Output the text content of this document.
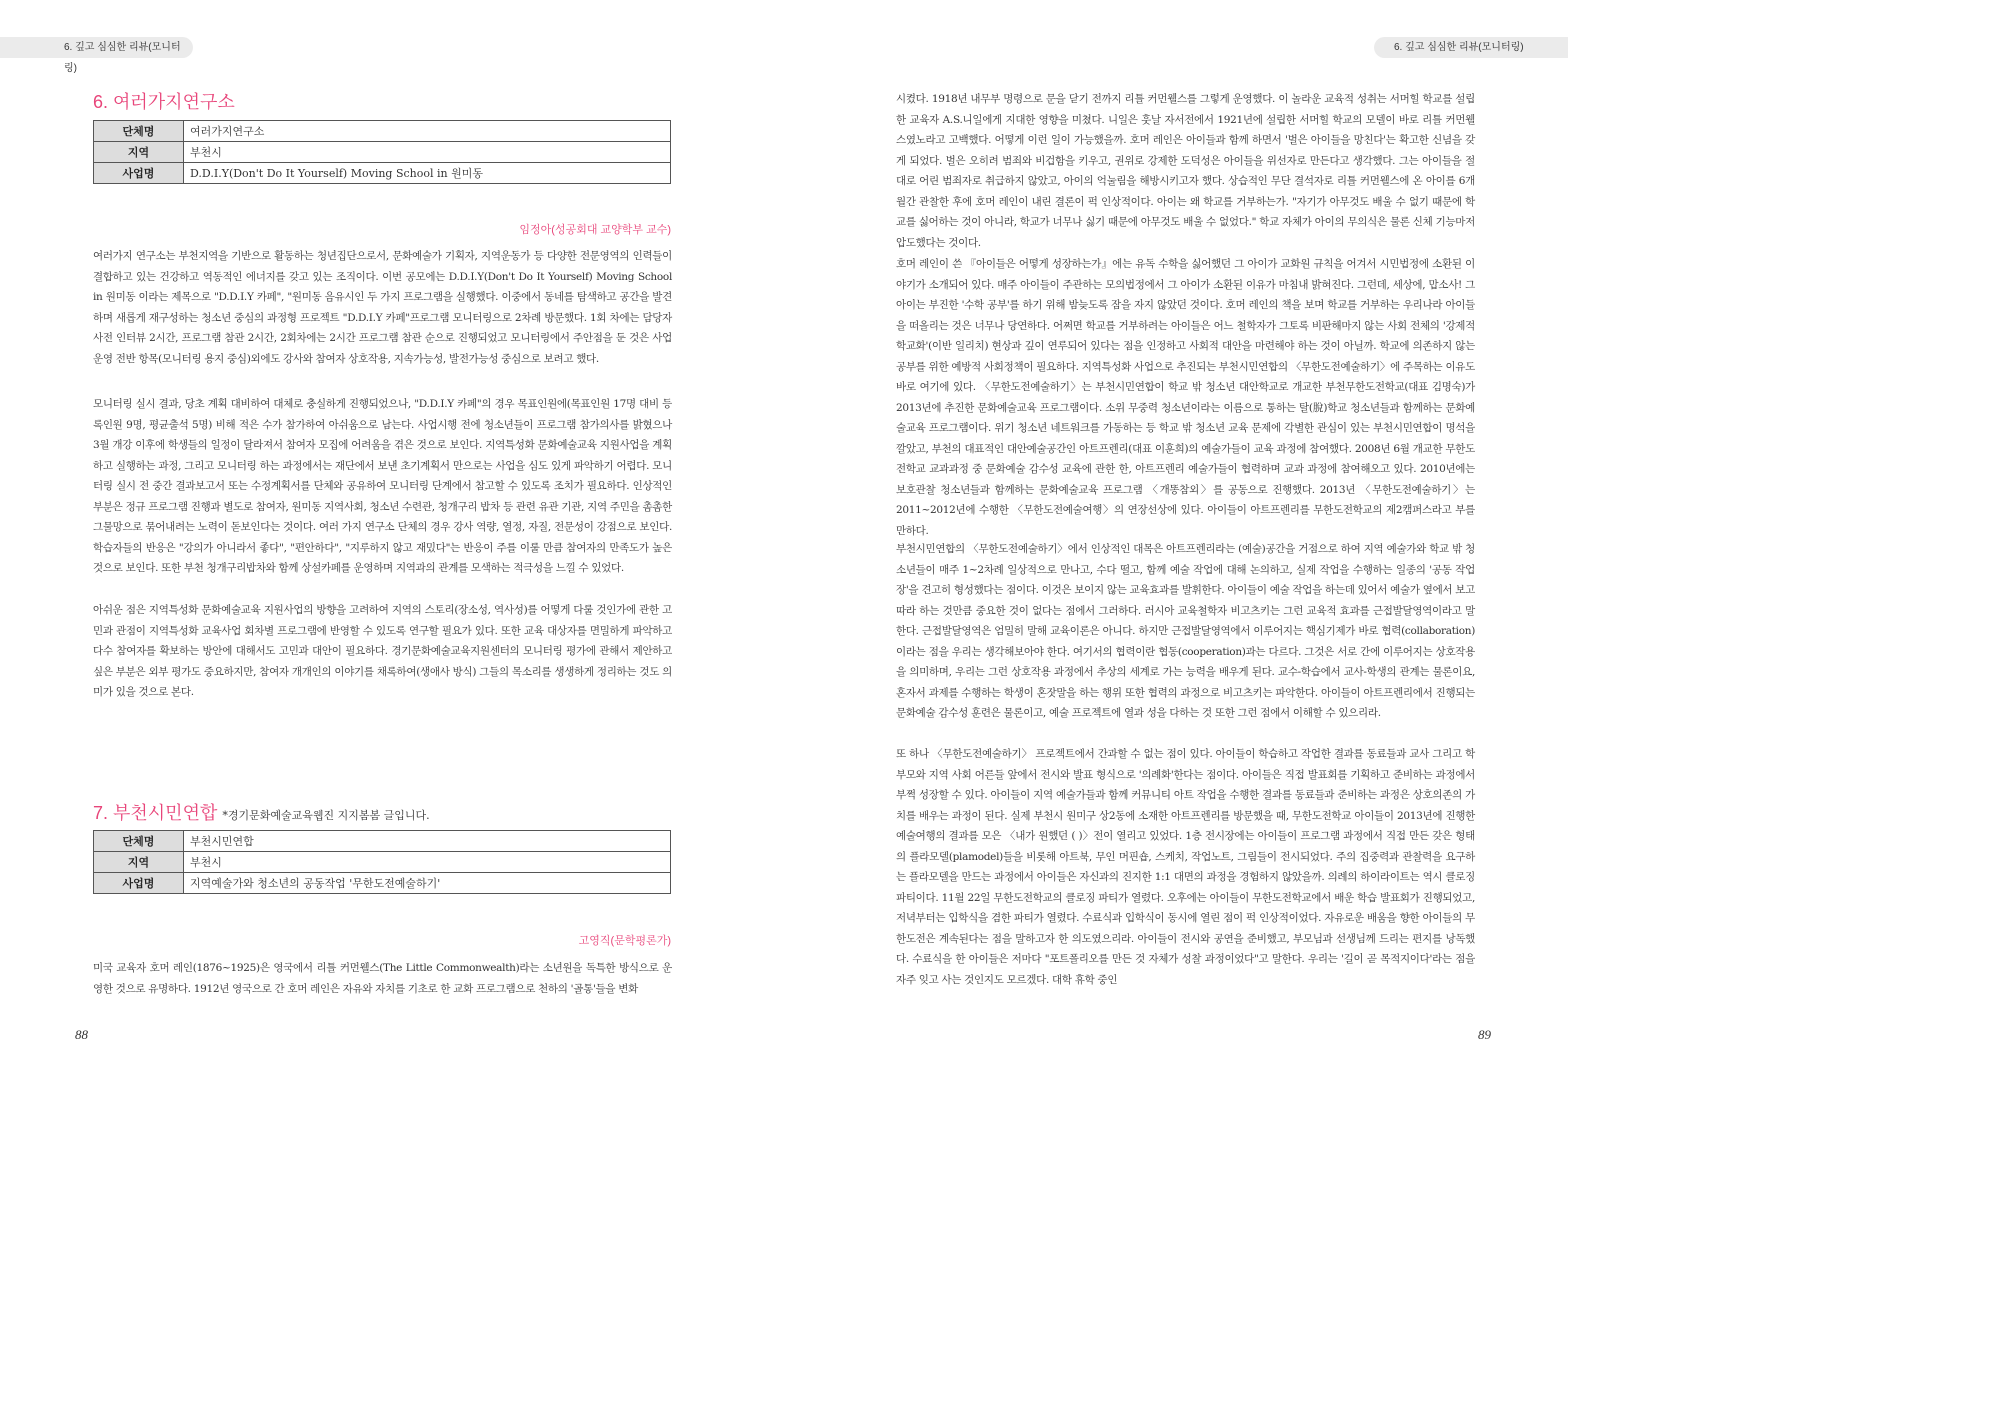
6. 깊고 심심한 리뷰(모니터링)
6. 깊고 심심한 리뷰(모니터링)
6. 여러가지연구소
단체명	여러가지연구소
지역	부천시
사업명	D.D.I.Y(Don't Do It Yourself) Moving School in 원미동
임정아(성공회대 교양학부 교수)

여러가지 연구소는 부천지역을 기반으로 활동하는 청년집단으로서, 문화예술가 기획자, 지역운동가 등 다양한 전문영역의 인력들이 결합하고 있는 건강하고 역동적인 에너지를 갖고 있는 조직이다. 이번 공모에는 D.D.I.Y(Don't Do It Yourself) Moving School in 원미동 이라는 제목으로 "D.D.I.Y 카페", "원미동 음유시인 두 가지 프로그램을 실행했다. 이중에서 동네를 탐색하고 공간을 발견하며 새롭게 재구성하는 청소년 중심의 과정형 프로젝트 "D.D.I.Y 카페"프로그램 모니터링으로 2차례 방문했다. 1회 차에는 담당자 사전 인터뷰 2시간, 프로그램 참관 2시간, 2회차에는 2시간 프로그램 참관 순으로 진행되었고 모니터링에서 주안점을 둔 것은 사업운영 전반 항목(모니터링 용지 중심)외에도 강사와 참여자 상호작용, 지속가능성, 발전가능성 중심으로 보려고 했다.

모니터링 실시 결과, 당초 계획 대비하여 대체로 충실하게 진행되었으나, "D.D.I.Y 카페"의 경우 목표인원에(목표인원 17명 대비 등록인원 9명, 평균출석 5명) 비해 적은 수가 참가하여 아쉬움으로 남는다. 사업시행 전에 청소년들이 프로그램 참가의사를 밝혔으나 3월 개강 이후에 학생들의 일정이 달라져서 참여자 모집에 어려움을 겪은 것으로 보인다. 지역특성화 문화예술교육 지원사업을 계획하고 실행하는 과정, 그리고 모니터링 하는 과정에서는 재단에서 보낸 초기계획서 만으로는 사업을 심도 있게 파악하기 어렵다. 모니터링 실시 전 중간 결과보고서 또는 수정계획서를 단체와 공유하여 모니터링 단계에서 참고할 수 있도록 조치가 필요하다. 인상적인 부분은 정규 프로그램 진행과 별도로 참여자, 원미동 지역사회, 청소년 수련관, 청개구리 밥차 등 관련 유관 기관, 지역 주민을 촘촘한 그물망으로 묶어내려는 노력이 돋보인다는 것이다. 여러 가지 연구소 단체의 경우 강사 역량, 열정, 자질, 전문성이 강점으로 보인다. 학습자들의 반응은 "강의가 아니라서 좋다", "편안하다", "지루하지 않고 재밌다"는 반응이 주를 이룰 만큼 참여자의 만족도가 높은 것으로 보인다. 또한 부천 청개구리밥차와 함께 상설카페를 운영하며 지역과의 관계를 모색하는 적극성을 느낄 수 있었다.

아쉬운 점은 지역특성화 문화예술교육 지원사업의 방향을 고려하여 지역의 스토리(장소성, 역사성)를 어떻게 다룰 것인가에 관한 고민과 관점이 지역특성화 교육사업 회차별 프로그램에 반영할 수 있도록 연구할 필요가 있다. 또한 교육 대상자를 면밀하게 파악하고 다수 참여자를 확보하는 방안에 대해서도 고민과 대안이 필요하다. 경기문화예술교육지원센터의 모니터링 평가에 관해서 제안하고 싶은 부분은 외부 평가도 중요하지만, 참여자 개개인의 이야기를 채록하여(생애사 방식) 그들의 목소리를 생생하게 정리하는 것도 의미가 있을 것으로 본다.

7. 부천시민연합 *경기문화예술교육웹진 지지봄봄 글입니다.
단체명	부천시민연합
지역	부천시
사업명	지역예술가와 청소년의 공동작업 '무한도전예술하기'
고영직(문학평론가)

미국 교육자 호머 레인(1876~1925)은 영국에서 리틀 커먼웰스(The Little Commonwealth)라는 소년원을 독특한 방식으로 운영한 것으로 유명하다. 1912년 영국으로 간 호머 레인은 자유와 자치를 기초로 한 교화 프로그램으로 천하의 '골통'들을 변화

시켰다. 1918년 내무부 명령으로 문을 닫기 전까지 리틀 커먼웰스를 그렇게 운영했다. 이 놀라운 교육적 성취는 서머힐 학교를 설립한 교육자 A.S.니일에게 지대한 영향을 미쳤다. 니일은 훗날 자서전에서 1921년에 설립한 서머힐 학교의 모델이 바로 리틀 커먼웰스였노라고 고백했다. 어떻게 이런 일이 가능했을까. 호머 레인은 아이들과 함께 하면서 '벌은 아이들을 망친다'는 확고한 신념을 갖게 되었다. 벌은 오히려 범죄와 비겁함을 키우고, 권위로 강제한 도덕성은 아이들을 위선자로 만든다고 생각했다. 그는 아이들을 절대로 어린 범죄자로 취급하지 않았고, 아이의 억눌림을 해방시키고자 했다. 상습적인 무단 결석자로 리틀 커먼웰스에 온 아이를 6개월간 관찰한 후에 호머 레인이 내린 결론이 퍽 인상적이다. 아이는 왜 학교를 거부하는가. "자기가 아무것도 배울 수 없기 때문에 학교를 싫어하는 것이 아니라, 학교가 너무나 싫기 때문에 아무것도 배울 수 없었다." 학교 자체가 아이의 무의식은 물론 신체 기능마저 압도했다는 것이다.

호머 레인이 쓴 『아이들은 어떻게 성장하는가』에는 유독 수학을 싫어했던 그 아이가 교화원 규칙을 어겨서 시민법정에 소환된 이야기가 소개되어 있다. 매주 아이들이 주관하는 모의법정에서 그 아이가 소환된 이유가 마침내 밝혀진다. 그런데, 세상에, 맙소사! 그 아이는 부진한 '수학 공부'를 하기 위해 밤늦도록 잠을 자지 않았던 것이다. 호머 레인의 책을 보며 학교를 거부하는 우리나라 아이들을 떠올리는 것은 너무나 당연하다. 어쩌면 학교를 거부하려는 아이들은 어느 철학자가 그토록 비판해마지 않는 사회 전체의 '강제적 학교화'(이반 일리치) 현상과 깊이 연루되어 있다는 점을 인정하고 사회적 대안을 마련해야 하는 것이 아닐까. 학교에 의존하지 않는 공부를 위한 예방적 사회정책이 필요하다. 지역특성화 사업으로 추진되는 부천시민연합의 〈무한도전예술하기〉에 주목하는 이유도 바로 여기에 있다. 〈무한도전예술하기〉는 부천시민연합이 학교 밖 청소년 대안학교로 개교한 부천무한도전학교(대표 김명숙)가 2013년에 추진한 문화예술교육 프로그램이다. 소위 무중력 청소년이라는 이름으로 통하는 탈(脫)학교 청소년들과 함께하는 문화예술교육 프로그램이다. 위기 청소년 네트워크를 가동하는 등 학교 밖 청소년 교육 문제에 각별한 관심이 있는 부천시민연합이 명석을 깔았고, 부천의 대표적인 대안예술공간인 아트프렌리(대표 이훈희)의 예술가들이 교육 과정에 참여했다. 2008년 6월 개교한 무한도전학교 교과과정 중 문화예술 감수성 교육에 관한 한, 아트프렌리 예술가들이 협력하며 교과 과정에 참여해오고 있다. 2010년에는 보호관찰 청소년들과 함께하는 문화예술교육 프로그램 〈개똥참외〉를 공동으로 진행했다. 2013년 〈무한도전예술하기〉는 2011~2012년에 수행한 〈무한도전예술여행〉의 연장선상에 있다. 아이들이 아트프렌리를 무한도전학교의 제2캠퍼스라고 부를 만하다.

부천시민연합의 〈무한도전예술하기〉에서 인상적인 대목은 아트프렌리라는 (예술)공간을 거점으로 하여 지역 예술가와 학교 밖 청소년들이 매주 1~2차례 일상적으로 만나고, 수다 떨고, 함께 예술 작업에 대해 논의하고, 실제 작업을 수행하는 일종의 '공동 작업장'을 견고히 형성했다는 점이다. 이것은 보이지 않는 교육효과를 발휘한다. 아이들이 예술 작업을 하는데 있어서 예술가 옆에서 보고 따라 하는 것만큼 중요한 것이 없다는 점에서 그러하다. 러시아 교육철학자 비고츠키는 그런 교육적 효과를 근접발달영역이라고 말한다. 근접발달영역은 엄밀히 말해 교육이론은 아니다. 하지만 근접발달영역에서 이루어지는 핵심기제가 바로 협력(collaboration)이라는 점을 우리는 생각해보아야 한다. 여기서의 협력이란 협동(cooperation)과는 다르다. 그것은 서로 간에 이루어지는 상호작용을 의미하며, 우리는 그런 상호작용 과정에서 추상의 세계로 가는 능력을 배우게 된다. 교수-학습에서 교사-학생의 관계는 물론이요, 혼자서 과제를 수행하는 학생이 혼잣말을 하는 행위 또한 협력의 과정으로 비고츠키는 파악한다. 아이들이 아트프렌리에서 진행되는 문화예술 감수성 훈련은 물론이고, 예술 프로젝트에 열과 성을 다하는 것 또한 그런 점에서 이해할 수 있으리라.

또 하나 〈무한도전예술하기〉 프로젝트에서 간과할 수 없는 점이 있다. 아이들이 학습하고 작업한 결과를 동료들과 교사 그리고 학부모와 지역 사회 어른들 앞에서 전시와 발표 형식으로 '의례화'한다는 점이다. 아이들은 직접 발표회를 기획하고 준비하는 과정에서 부쩍 성장할 수 있다. 아이들이 지역 예술가들과 함께 커뮤니티 아트 작업을 수행한 결과를 동료들과 준비하는 과정은 상호의존의 가치를 배우는 과정이 된다. 실제 부천시 원미구 상2동에 소재한 아트프렌리를 방문했을 때, 무한도전학교 아이들이 2013년에 진행한 예술여행의 결과를 모은 〈내가 원했던 ( )〉전이 열리고 있었다. 1층 전시장에는 아이들이 프로그램 과정에서 직접 만든 갖은 형태의 플라모델(plamodel)들을 비롯해 아트북, 무인 머핀숍, 스케치, 작업노트, 그림들이 전시되었다. 주의 집중력과 관찰력을 요구하는 플라모델을 만드는 과정에서 아이들은 자신과의 진지한 1:1 대면의 과정을 경험하지 않았을까. 의례의 하이라이트는 역시 클로징 파티이다. 11월 22일 무한도전학교의 클로징 파티가 열렸다. 오후에는 아이들이 무한도전학교에서 배운 학습 발표회가 진행되었고, 저녁부터는 입학식을 겸한 파티가 열렸다. 수료식과 입학식이 동시에 열린 점이 퍽 인상적이었다. 자유로운 배움을 향한 아이들의 무한도전은 계속된다는 점을 말하고자 한 의도였으리라. 아이들이 전시와 공연을 준비했고, 부모님과 선생님께 드리는 편지를 낭독했다. 수료식을 한 아이들은 저마다 "포트폴리오를 만든 것 자체가 성찰 과정이었다"고 말한다. 우리는 '길이 곧 목적지이다'라는 점을 자주 잊고 사는 것인지도 모르겠다. 대학 휴학 중인

88	89
